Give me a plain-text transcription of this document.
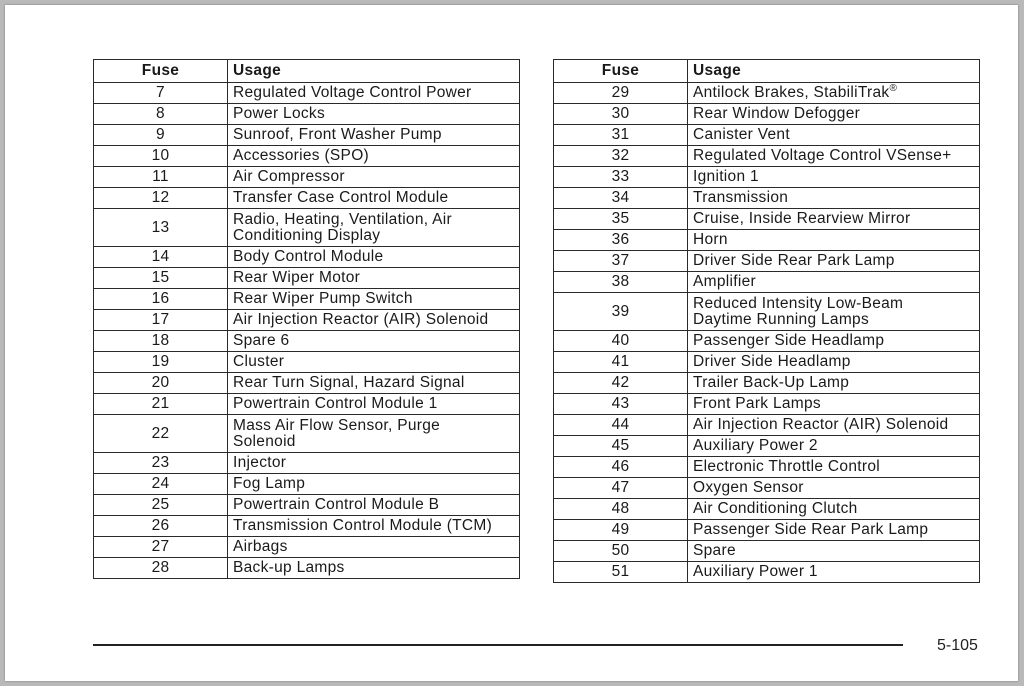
Fuse	Usage
7	Regulated Voltage Control Power
8	Power Locks
9	Sunroof, Front Washer Pump
10	Accessories (SPO)
11	Air Compressor
12	Transfer Case Control Module
13	Radio, Heating, Ventilation, Air
Conditioning Display
14	Body Control Module
15	Rear Wiper Motor
16	Rear Wiper Pump Switch
17	Air Injection Reactor (AIR) Solenoid
18	Spare 6
19	Cluster
20	Rear Turn Signal, Hazard Signal
21	Powertrain Control Module 1
22	Mass Air Flow Sensor, Purge
Solenoid
23	Injector
24	Fog Lamp
25	Powertrain Control Module B
26	Transmission Control Module (TCM)
27	Airbags
28	Back-up Lamps
Fuse	Usage
29	Antilock Brakes, StabiliTrak®
30	Rear Window Defogger
31	Canister Vent
32	Regulated Voltage Control VSense+
33	Ignition 1
34	Transmission
35	Cruise, Inside Rearview Mirror
36	Horn
37	Driver Side Rear Park Lamp
38	Amplifier
39	Reduced Intensity Low-Beam
Daytime Running Lamps
40	Passenger Side Headlamp
41	Driver Side Headlamp
42	Trailer Back-Up Lamp
43	Front Park Lamps
44	Air Injection Reactor (AIR) Solenoid
45	Auxiliary Power 2
46	Electronic Throttle Control
47	Oxygen Sensor
48	Air Conditioning Clutch
49	Passenger Side Rear Park Lamp
50	Spare
51	Auxiliary Power 1
5-105
